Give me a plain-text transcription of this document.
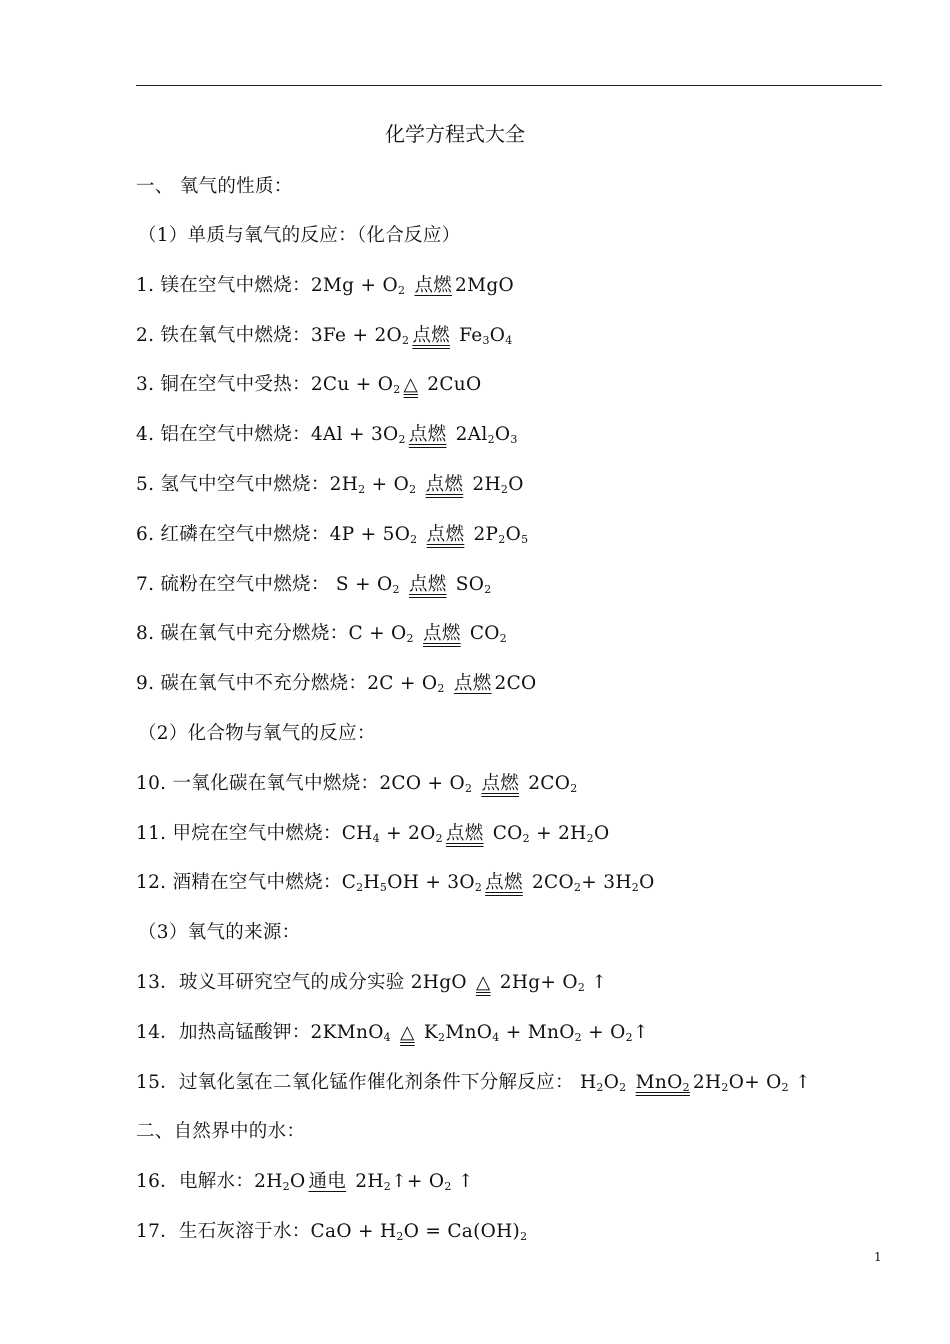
化学方程式大全
一、 氧气的性质：
（1）单质与氧气的反应：（化合反应）
1. 镁在空气中燃烧：$2Mg + O_2$ 点燃 2MgO
2. 铁在氧气中燃烧：$3Fe + 2O_2$ 点燃 $Fe_3O_4$
3. 铜在空气中受热：$2Cu + O_2$ △ 2CuO
4. 铝在空气中燃烧：$4Al + 3O_2$ 点燃 $2Al_2O_3$
5. 氢气中空气中燃烧：$2H_2 + O_2$ 点燃 $2H_2O$
6. 红磷在空气中燃烧：$4P + 5O_2$ 点燃 $2P_2O_5$
7. 硫粉在空气中燃烧： $S + O_2$ 点燃 $SO_2$
8. 碳在氧气中充分燃烧：$C + O_2$ 点燃 $CO_2$
9. 碳在氧气中不充分燃烧：$2C + O_2$ 点燃 2CO
（2）化合物与氧气的反应：
10. 一氧化碳在氧气中燃烧：$2CO + O_2$ 点燃 $2CO_2$
11. 甲烷在空气中燃烧：$CH_4 + 2O_2$ 点燃 $CO_2 + 2H_2O$
12. 酒精在空气中燃烧：$C_2H_5OH + 3O_2$ 点燃 $2CO_2+ 3H_2O$
（3）氧气的来源：
13．玻义耳研究空气的成分实验 2HgO △ $2Hg+ O_2$ ↑
14．加热高锰酸钾：2KMnO$_4$ △ $K_2MnO_4 + MnO_2$ + $O_2↑$
15．过氧化氢在二氧化锰作催化剂条件下分解反应： $H_2O_2$ MnO$_2$ $2H_2O+ O_2$ ↑
二、自然界中的水：
16．电解水：$2H_2O$ 通电 $2H_2↑+ O_2$ ↑
17．生石灰溶于水：CaO + $H_2O = Ca(OH)_2$
1
